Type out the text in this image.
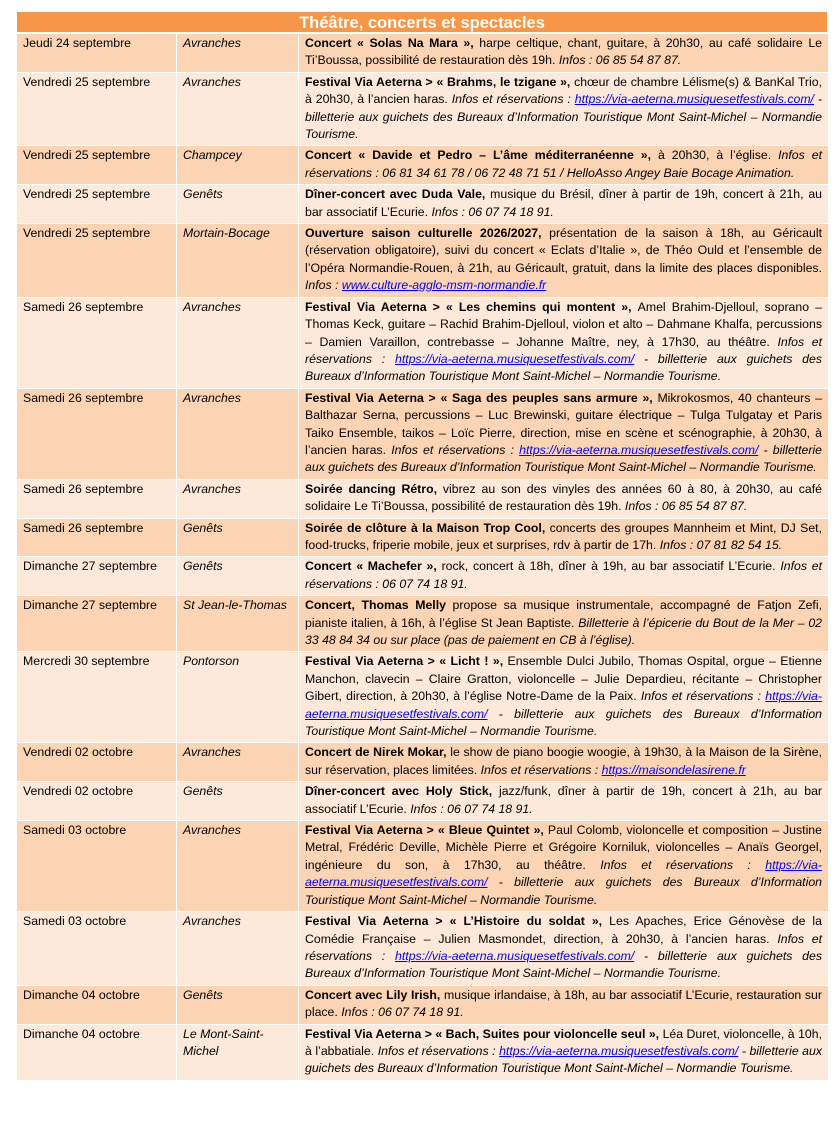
Théâtre, concerts et spectacles
Jeudi 24 septembre	Avranches	Concert « Solas Na Mara », harpe celtique, chant, guitare, à 20h30, au café solidaire Le Ti’Boussa, possibilité de restauration dès 19h. Infos : 06 85 54 87 87.
Vendredi 25 septembre	Avranches	Festival Via Aeterna > « Brahms, le tzigane », chœur de chambre Lélisme(s) & BanKal Trio, à 20h30, à l’ancien haras. Infos et réservations : https://via-aeterna.musiquesetfestivals.com/ - billetterie aux guichets des Bureaux d’Information Touristique Mont Saint-Michel – Normandie Tourisme.
Vendredi 25 septembre	Champcey	Concert « Davide et Pedro – L’âme méditerranéenne », à 20h30, à l’église. Infos et réservations : 06 81 34 61 78 / 06 72 48 71 51 / HelloAsso Angey Baie Bocage Animation.
Vendredi 25 septembre	Genêts	Dîner-concert avec Duda Vale, musique du Brésil, dîner à partir de 19h, concert à 21h, au bar associatif L’Ecurie. Infos : 06 07 74 18 91.
Vendredi 25 septembre	Mortain-Bocage	Ouverture saison culturelle 2026/2027, présentation de la saison à 18h, au Géricault (réservation obligatoire), suivi du concert « Eclats d’Italie », de Théo Ould et l’ensemble de l’Opéra Normandie-Rouen, à 21h, au Géricault, gratuit, dans la limite des places disponibles. Infos : www.culture-agglo-msm-normandie.fr
Samedi 26 septembre	Avranches	Festival Via Aeterna > « Les chemins qui montent », Amel Brahim-Djelloul, soprano – Thomas Keck, guitare – Rachid Brahim-Djelloul, violon et alto – Dahmane Khalfa, percussions – Damien Varaillon, contrebasse – Johanne Maître, ney, à 17h30, au théâtre. Infos et réservations : https://via-aeterna.musiquesetfestivals.com/ - billetterie aux guichets des Bureaux d’Information Touristique Mont Saint-Michel – Normandie Tourisme.
Samedi 26 septembre	Avranches	Festival Via Aeterna > « Saga des peuples sans armure », Mikrokosmos, 40 chanteurs – Balthazar Serna, percussions – Luc Brewinski, guitare électrique – Tulga Tulgatay et Paris Taiko Ensemble, taikos – Loïc Pierre, direction, mise en scène et scénographie, à 20h30, à l’ancien haras. Infos et réservations : https://via-aeterna.musiquesetfestivals.com/ - billetterie aux guichets des Bureaux d’Information Touristique Mont Saint-Michel – Normandie Tourisme.
Samedi 26 septembre	Avranches	Soirée dancing Rétro, vibrez au son des vinyles des années 60 à 80, à 20h30, au café solidaire Le Ti’Boussa, possibilité de restauration dès 19h. Infos : 06 85 54 87 87.
Samedi 26 septembre	Genêts	Soirée de clôture à la Maison Trop Cool, concerts des groupes Mannheim et Mint, DJ Set, food-trucks, friperie mobile, jeux et surprises, rdv à partir de 17h. Infos : 07 81 82 54 15.
Dimanche 27 septembre	Genêts	Concert « Machefer », rock, concert à 18h, dîner à 19h, au bar associatif L’Ecurie. Infos et réservations : 06 07 74 18 91.
Dimanche 27 septembre	St Jean-le-Thomas	Concert, Thomas Melly propose sa musique instrumentale, accompagné de Fatjon Zefi, pianiste italien, à 16h, à l’église St Jean Baptiste. Billetterie à l’épicerie du Bout de la Mer – 02 33 48 84 34 ou sur place (pas de paiement en CB à l’église).
Mercredi 30 septembre	Pontorson	Festival Via Aeterna > « Licht ! », Ensemble Dulci Jubilo, Thomas Ospital, orgue – Etienne Manchon, clavecin – Claire Gratton, violoncelle – Julie Depardieu, récitante – Christopher Gibert, direction, à 20h30, à l’église Notre-Dame de la Paix. Infos et réservations : https://via-aeterna.musiquesetfestivals.com/ - billetterie aux guichets des Bureaux d’Information Touristique Mont Saint-Michel – Normandie Tourisme.
Vendredi 02 octobre	Avranches	Concert de Nirek Mokar, le show de piano boogie woogie, à 19h30, à la Maison de la Sirène, sur réservation, places limitées. Infos et réservations : https://maisondelasirene.fr
Vendredi 02 octobre	Genêts	Dîner-concert avec Holy Stick, jazz/funk, dîner à partir de 19h, concert à 21h, au bar associatif L’Ecurie. Infos : 06 07 74 18 91.
Samedi 03 octobre	Avranches	Festival Via Aeterna > « Bleue Quintet », Paul Colomb, violoncelle et composition – Justine Metral, Frédéric Deville, Michèle Pierre et Grégoire Korniluk, violoncelles – Anaïs Georgel, ingénieure du son, à 17h30, au théâtre. Infos et réservations : https://via-aeterna.musiquesetfestivals.com/ - billetterie aux guichets des Bureaux d’Information Touristique Mont Saint-Michel – Normandie Tourisme.
Samedi 03 octobre	Avranches	Festival Via Aeterna > « L’Histoire du soldat », Les Apaches, Erice Génovèse de la Comédie Française – Julien Masmondet, direction, à 20h30, à l’ancien haras. Infos et réservations : https://via-aeterna.musiquesetfestivals.com/ - billetterie aux guichets des Bureaux d’Information Touristique Mont Saint-Michel – Normandie Tourisme.
Dimanche 04 octobre	Genêts	Concert avec Lily Irish, musique irlandaise, à 18h, au bar associatif L’Ecurie, restauration sur place. Infos : 06 07 74 18 91.
Dimanche 04 octobre	Le Mont-Saint-Michel	Festival Via Aeterna > « Bach, Suites pour violoncelle seul », Léa Duret, violoncelle, à 10h, à l’abbatiale. Infos et réservations : https://via-aeterna.musiquesetfestivals.com/ - billetterie aux guichets des Bureaux d’Information Touristique Mont Saint-Michel – Normandie Tourisme.
